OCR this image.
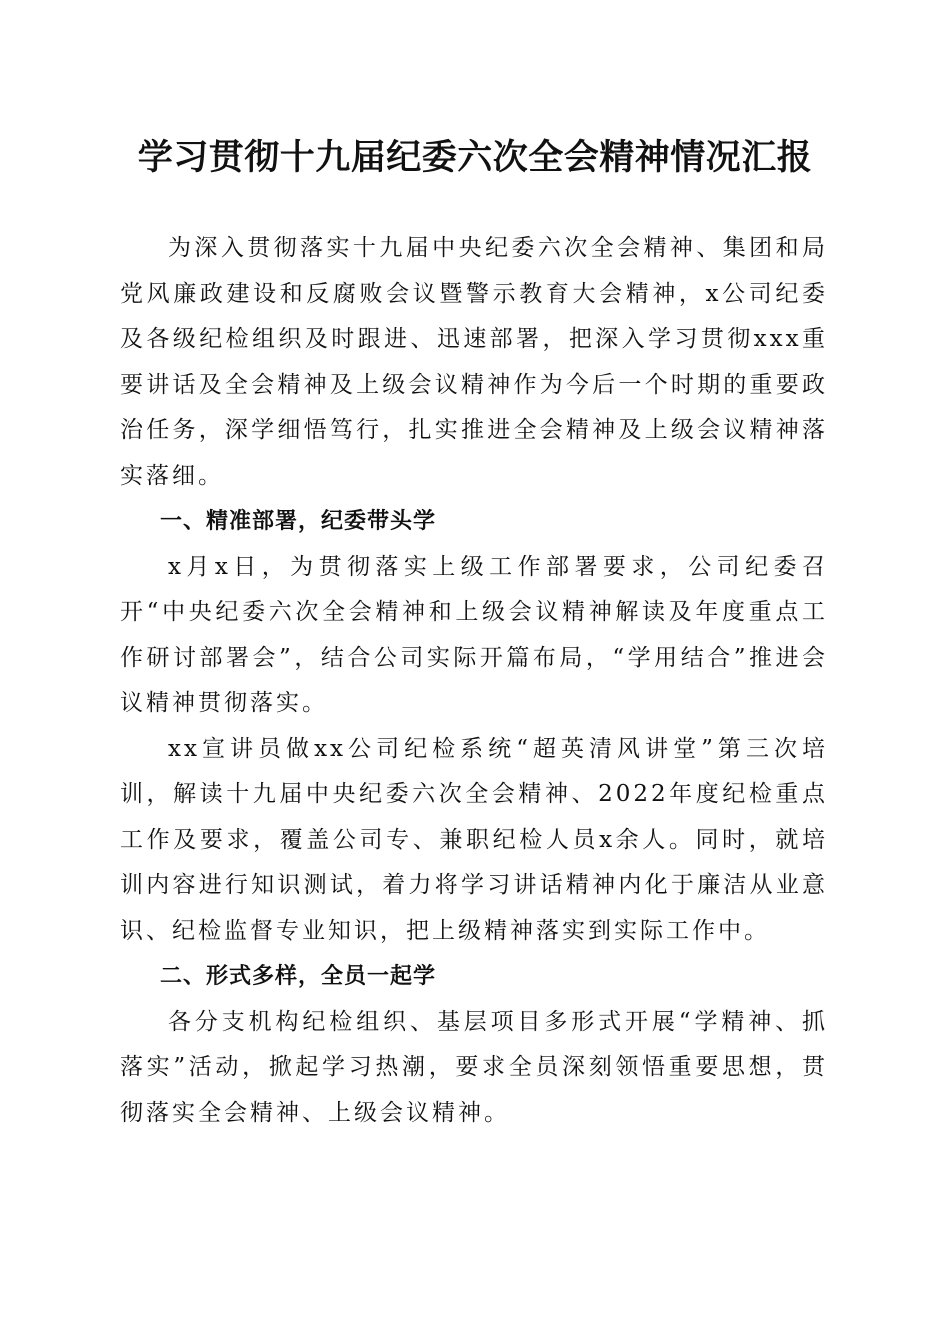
学习贯彻十九届纪委六次全会精神情况汇报

为深入贯彻落实十九届中央纪委六次全会精神、集团和局党风廉政建设和反腐败会议暨警示教育大会精神，x公司纪委及各级纪检组织及时跟进、迅速部署，把深入学习贯彻xxx重要讲话及全会精神及上级会议精神作为今后一个时期的重要政治任务，深学细悟笃行，扎实推进全会精神及上级会议精神落实落细。

一、精准部署，纪委带头学

x月x日，为贯彻落实上级工作部署要求，公司纪委召开“中央纪委六次全会精神和上级会议精神解读及年度重点工作研讨部署会”，结合公司实际开篇布局，“学用结合”推进会议精神贯彻落实。

xx宣讲员做xx公司纪检系统“超英清风讲堂”第三次培训，解读十九届中央纪委六次全会精神、2022年度纪检重点工作及要求，覆盖公司专、兼职纪检人员x余人。同时，就培训内容进行知识测试，着力将学习讲话精神内化于廉洁从业意识、纪检监督专业知识，把上级精神落实到实际工作中。

二、形式多样，全员一起学

各分支机构纪检组织、基层项目多形式开展“学精神、抓落实”活动，掀起学习热潮，要求全员深刻领悟重要思想，贯彻落实全会精神、上级会议精神。
